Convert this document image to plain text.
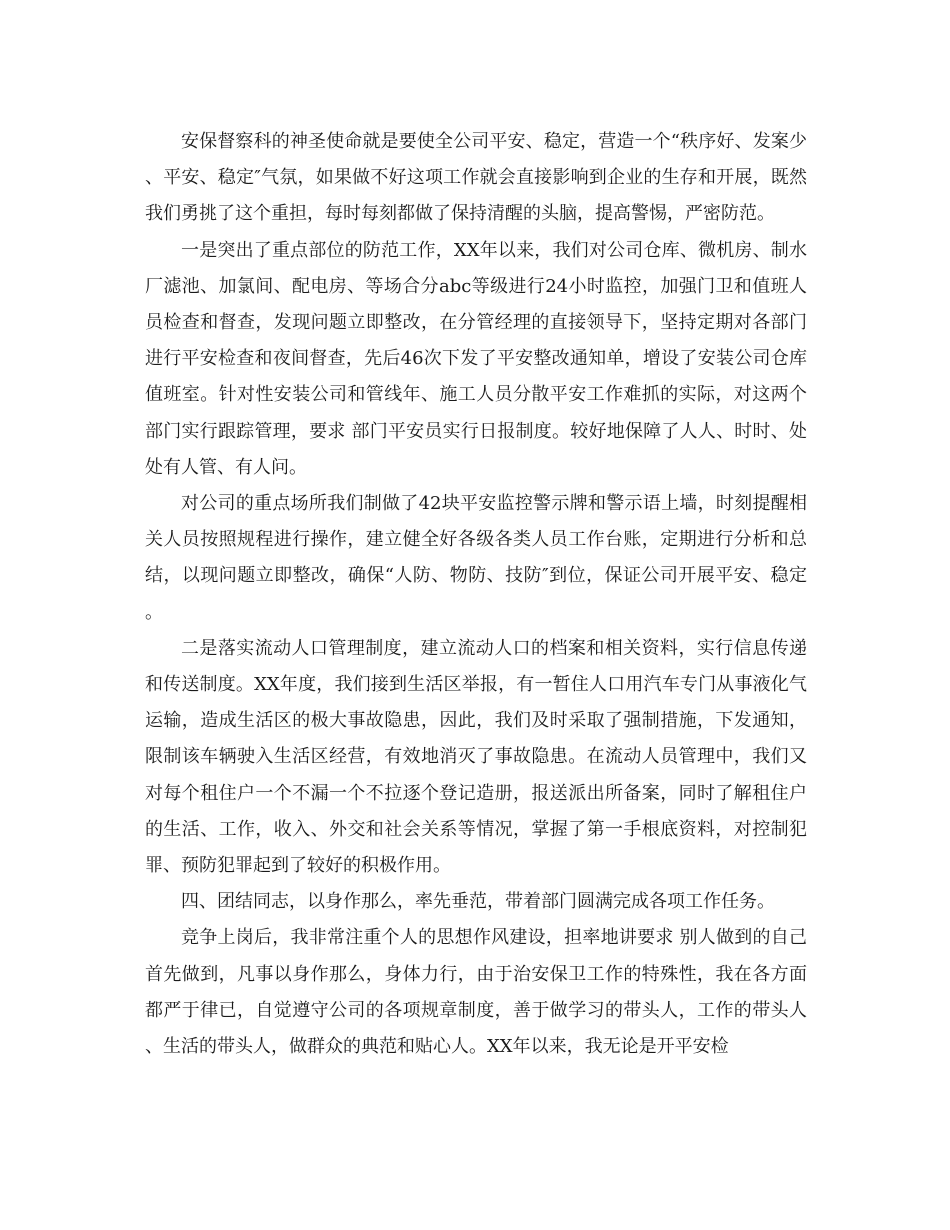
安保督察科的神圣使命就是要使全公司平安、稳定，营造一个“秩序好、发案少、平安、稳定″气氛，如果做不好这项工作就会直接影响到企业的生存和开展，既然我们勇挑了这个重担，每时每刻都做了保持清醒的头脑，提高警惕，严密防范。

一是突出了重点部位的防范工作，XX年以来，我们对公司仓库、微机房、制水厂滤池、加氯间、配电房、等场合分abc等级进行24小时监控，加强门卫和值班人员检查和督查，发现问题立即整改，在分管经理的直接领导下，坚持定期对各部门进行平安检查和夜间督查，先后46次下发了平安整改通知单，增设了安装公司仓库值班室。针对性安装公司和管线年、施工人员分散平安工作难抓的实际，对这两个部门实行跟踪管理，要求 部门平安员实行日报制度。较好地保障了人人、时时、处处有人管、有人问。

对公司的重点场所我们制做了42块平安监控警示牌和警示语上墙，时刻提醒相关人员按照规程进行操作，建立健全好各级各类人员工作台账，定期进行分析和总结，以现问题立即整改，确保“人防、物防、技防″到位，保证公司开展平安、稳定。

二是落实流动人口管理制度，建立流动人口的档案和相关资料，实行信息传递和传送制度。XX年度，我们接到生活区举报，有一暂住人口用汽车专门从事液化气运输，造成生活区的极大事故隐患，因此，我们及时采取了强制措施，下发通知，限制该车辆驶入生活区经营，有效地消灭了事故隐患。在流动人员管理中，我们又对每个租住户一个不漏一个不拉逐个登记造册，报送派出所备案，同时了解租住户的生活、工作，收入、外交和社会关系等情况，掌握了第一手根底资料，对控制犯罪、预防犯罪起到了较好的积极作用。

四、团结同志，以身作那么，率先垂范，带着部门圆满完成各项工作任务。

竞争上岗后，我非常注重个人的思想作风建设，担率地讲要求 别人做到的自己首先做到，凡事以身作那么，身体力行，由于治安保卫工作的特殊性，我在各方面都严于律已，自觉遵守公司的各项规章制度，善于做学习的带头人，工作的带头人、生活的带头人，做群众的典范和贴心人。XX年以来，我无论是开平安检
